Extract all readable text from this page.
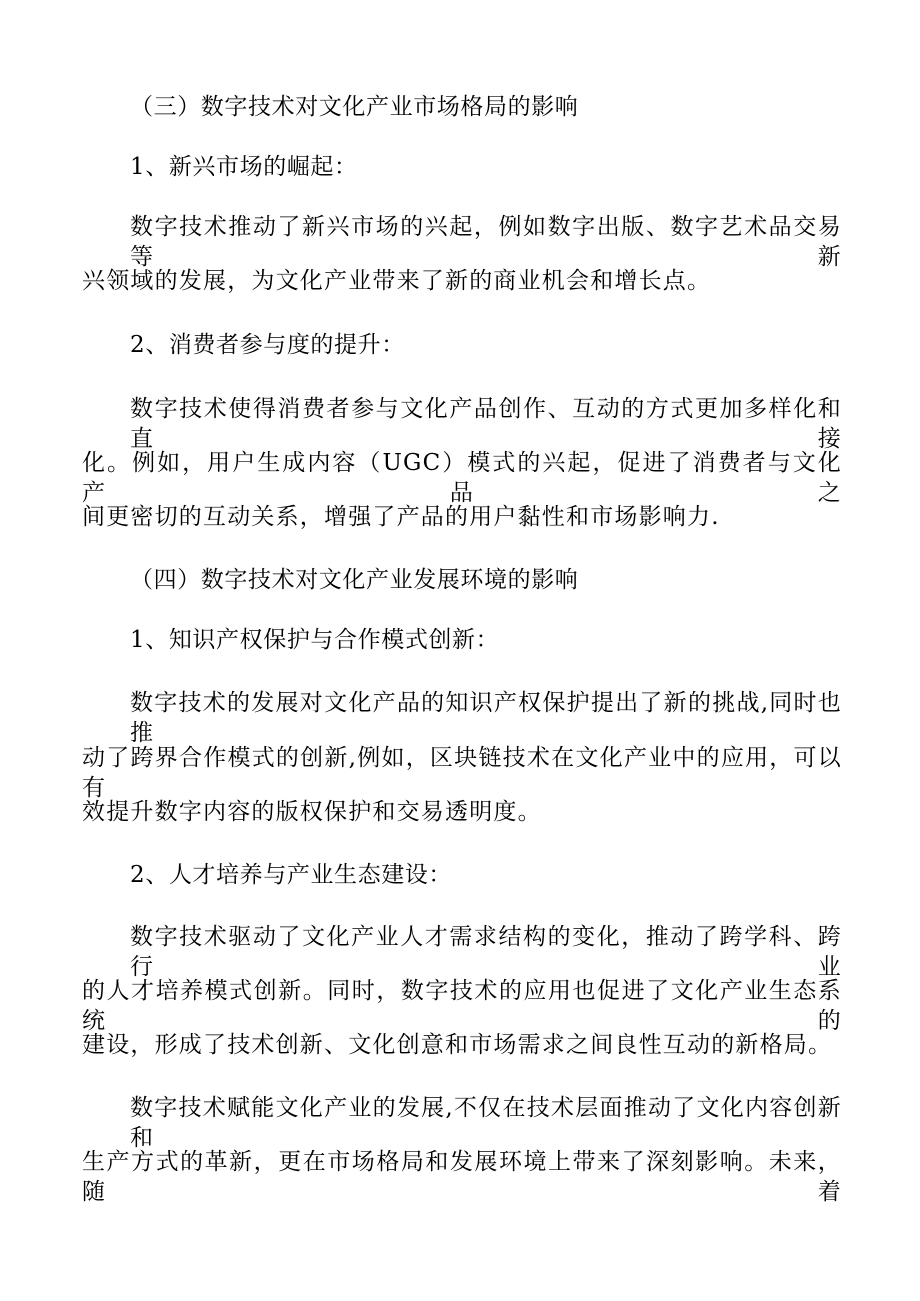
（三）数字技术对文化产业市场格局的影响
1、新兴市场的崛起：
数字技术推动了新兴市场的兴起，例如数字出版、数字艺术品交易等新
兴领域的发展，为文化产业带来了新的商业机会和增长点。
2、消费者参与度的提升：
数字技术使得消费者参与文化产品创作、互动的方式更加多样化和直接
化。例如，用户生成内容（UGC）模式的兴起，促进了消费者与文化产品之
间更密切的互动关系，增强了产品的用户黏性和市场影响力.
（四）数字技术对文化产业发展环境的影响
1、知识产权保护与合作模式创新：
数字技术的发展对文化产品的知识产权保护提出了新的挑战,同时也推
动了跨界合作模式的创新,例如，区块链技术在文化产业中的应用，可以有
效提升数字内容的版权保护和交易透明度。
2、人才培养与产业生态建设：
数字技术驱动了文化产业人才需求结构的变化，推动了跨学科、跨行业
的人才培养模式创新。同时，数字技术的应用也促进了文化产业生态系统的
建设，形成了技术创新、文化创意和市场需求之间良性互动的新格局。
数字技术赋能文化产业的发展,不仅在技术层面推动了文化内容创新和
生产方式的革新，更在市场格局和发展环境上带来了深刻影响。未来，随着
